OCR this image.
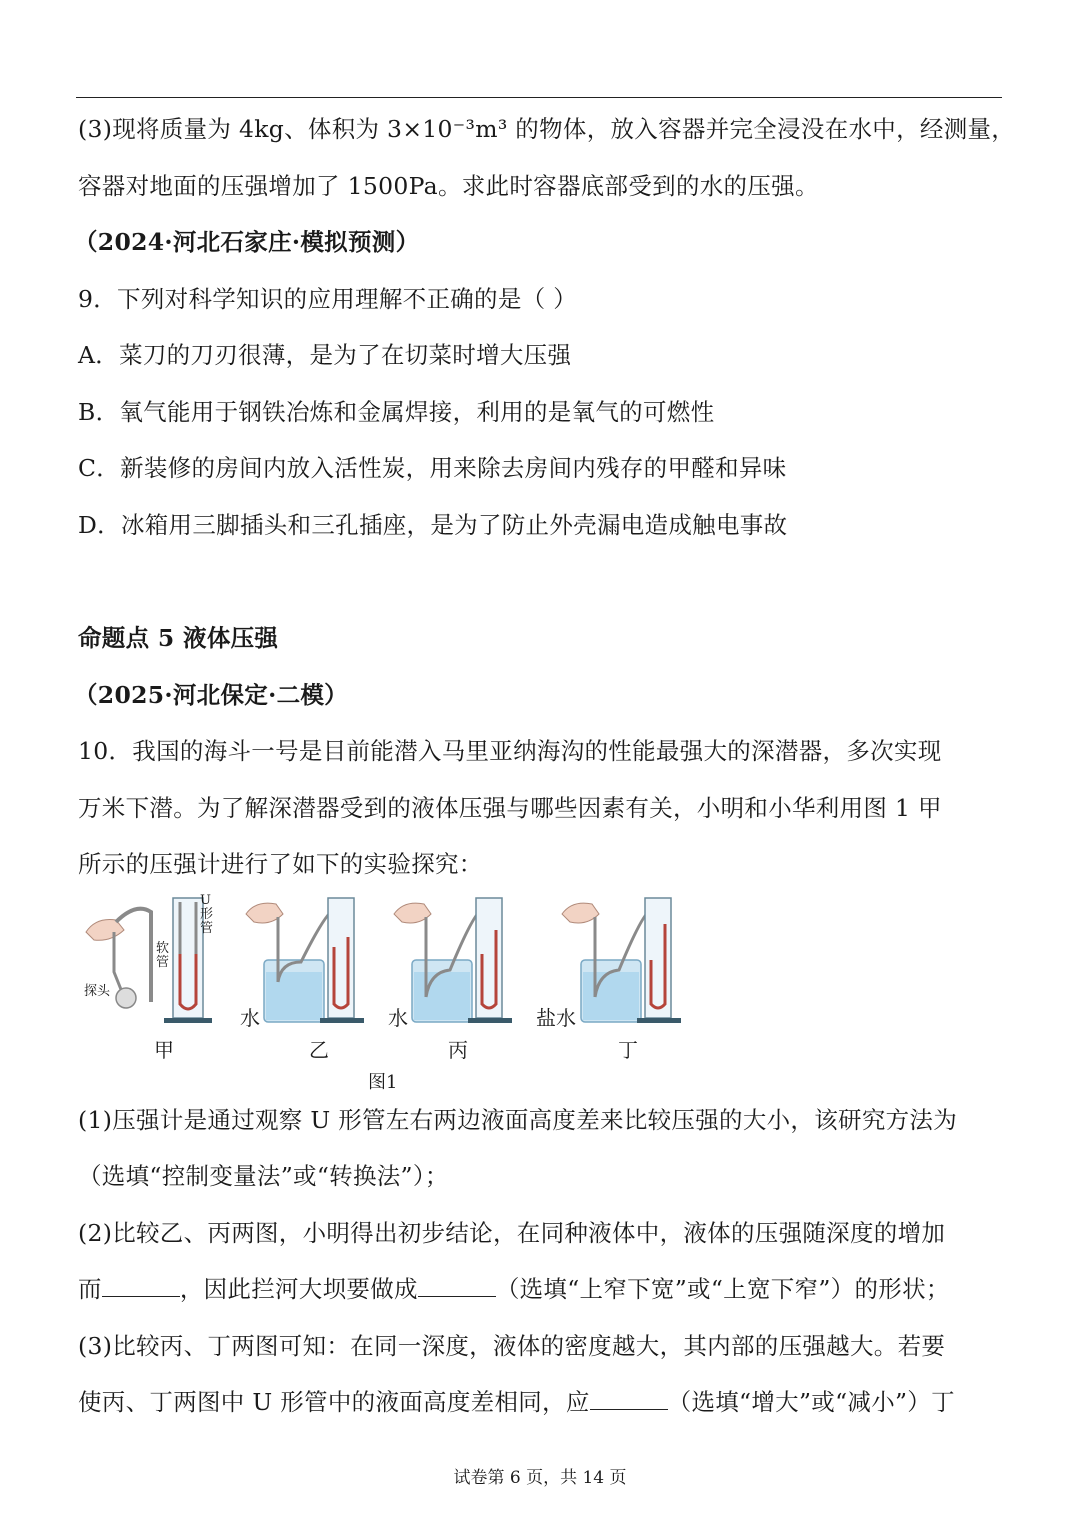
(3)现将质量为 4kg、体积为 3×10⁻³m³ 的物体，放入容器并完全浸没在水中，经测量，
容器对地面的压强增加了 1500Pa。求此时容器底部受到的水的压强。
（2024·河北石家庄·模拟预测）
9．下列对科学知识的应用理解不正确的是（ ）
A．菜刀的刀刃很薄，是为了在切菜时增大压强
B．氧气能用于钢铁冶炼和金属焊接，利用的是氧气的可燃性
C．新装修的房间内放入活性炭，用来除去房间内残存的甲醛和异味
D．冰箱用三脚插头和三孔插座，是为了防止外壳漏电造成触电事故
命题点 5 液体压强
（2025·河北保定·二模）
10．我国的海斗一号是目前能潜入马里亚纳海沟的性能最强大的深潜器，多次实现
万米下潜。为了解深潜器受到的液体压强与哪些因素有关，小明和小华利用图 1 甲
所示的压强计进行了如下的实验探究：
U形管
软管
探头
水	水	盐水
甲	乙	丙	丁
图1
(1)压强计是通过观察 U 形管左右两边液面高度差来比较压强的大小，该研究方法为
（选填“控制变量法”或“转换法”）；
(2)比较乙、丙两图，小明得出初步结论，在同种液体中，液体的压强随深度的增加
而	，因此拦河大坝要做成	（选填“上窄下宽”或“上宽下窄”）的形状；
(3)比较丙、丁两图可知：在同一深度，液体的密度越大，其内部的压强越大。若要
使丙、丁两图中 U 形管中的液面高度差相同，应	（选填“增大”或“减小”）丁
试卷第 6 页，共 14 页
